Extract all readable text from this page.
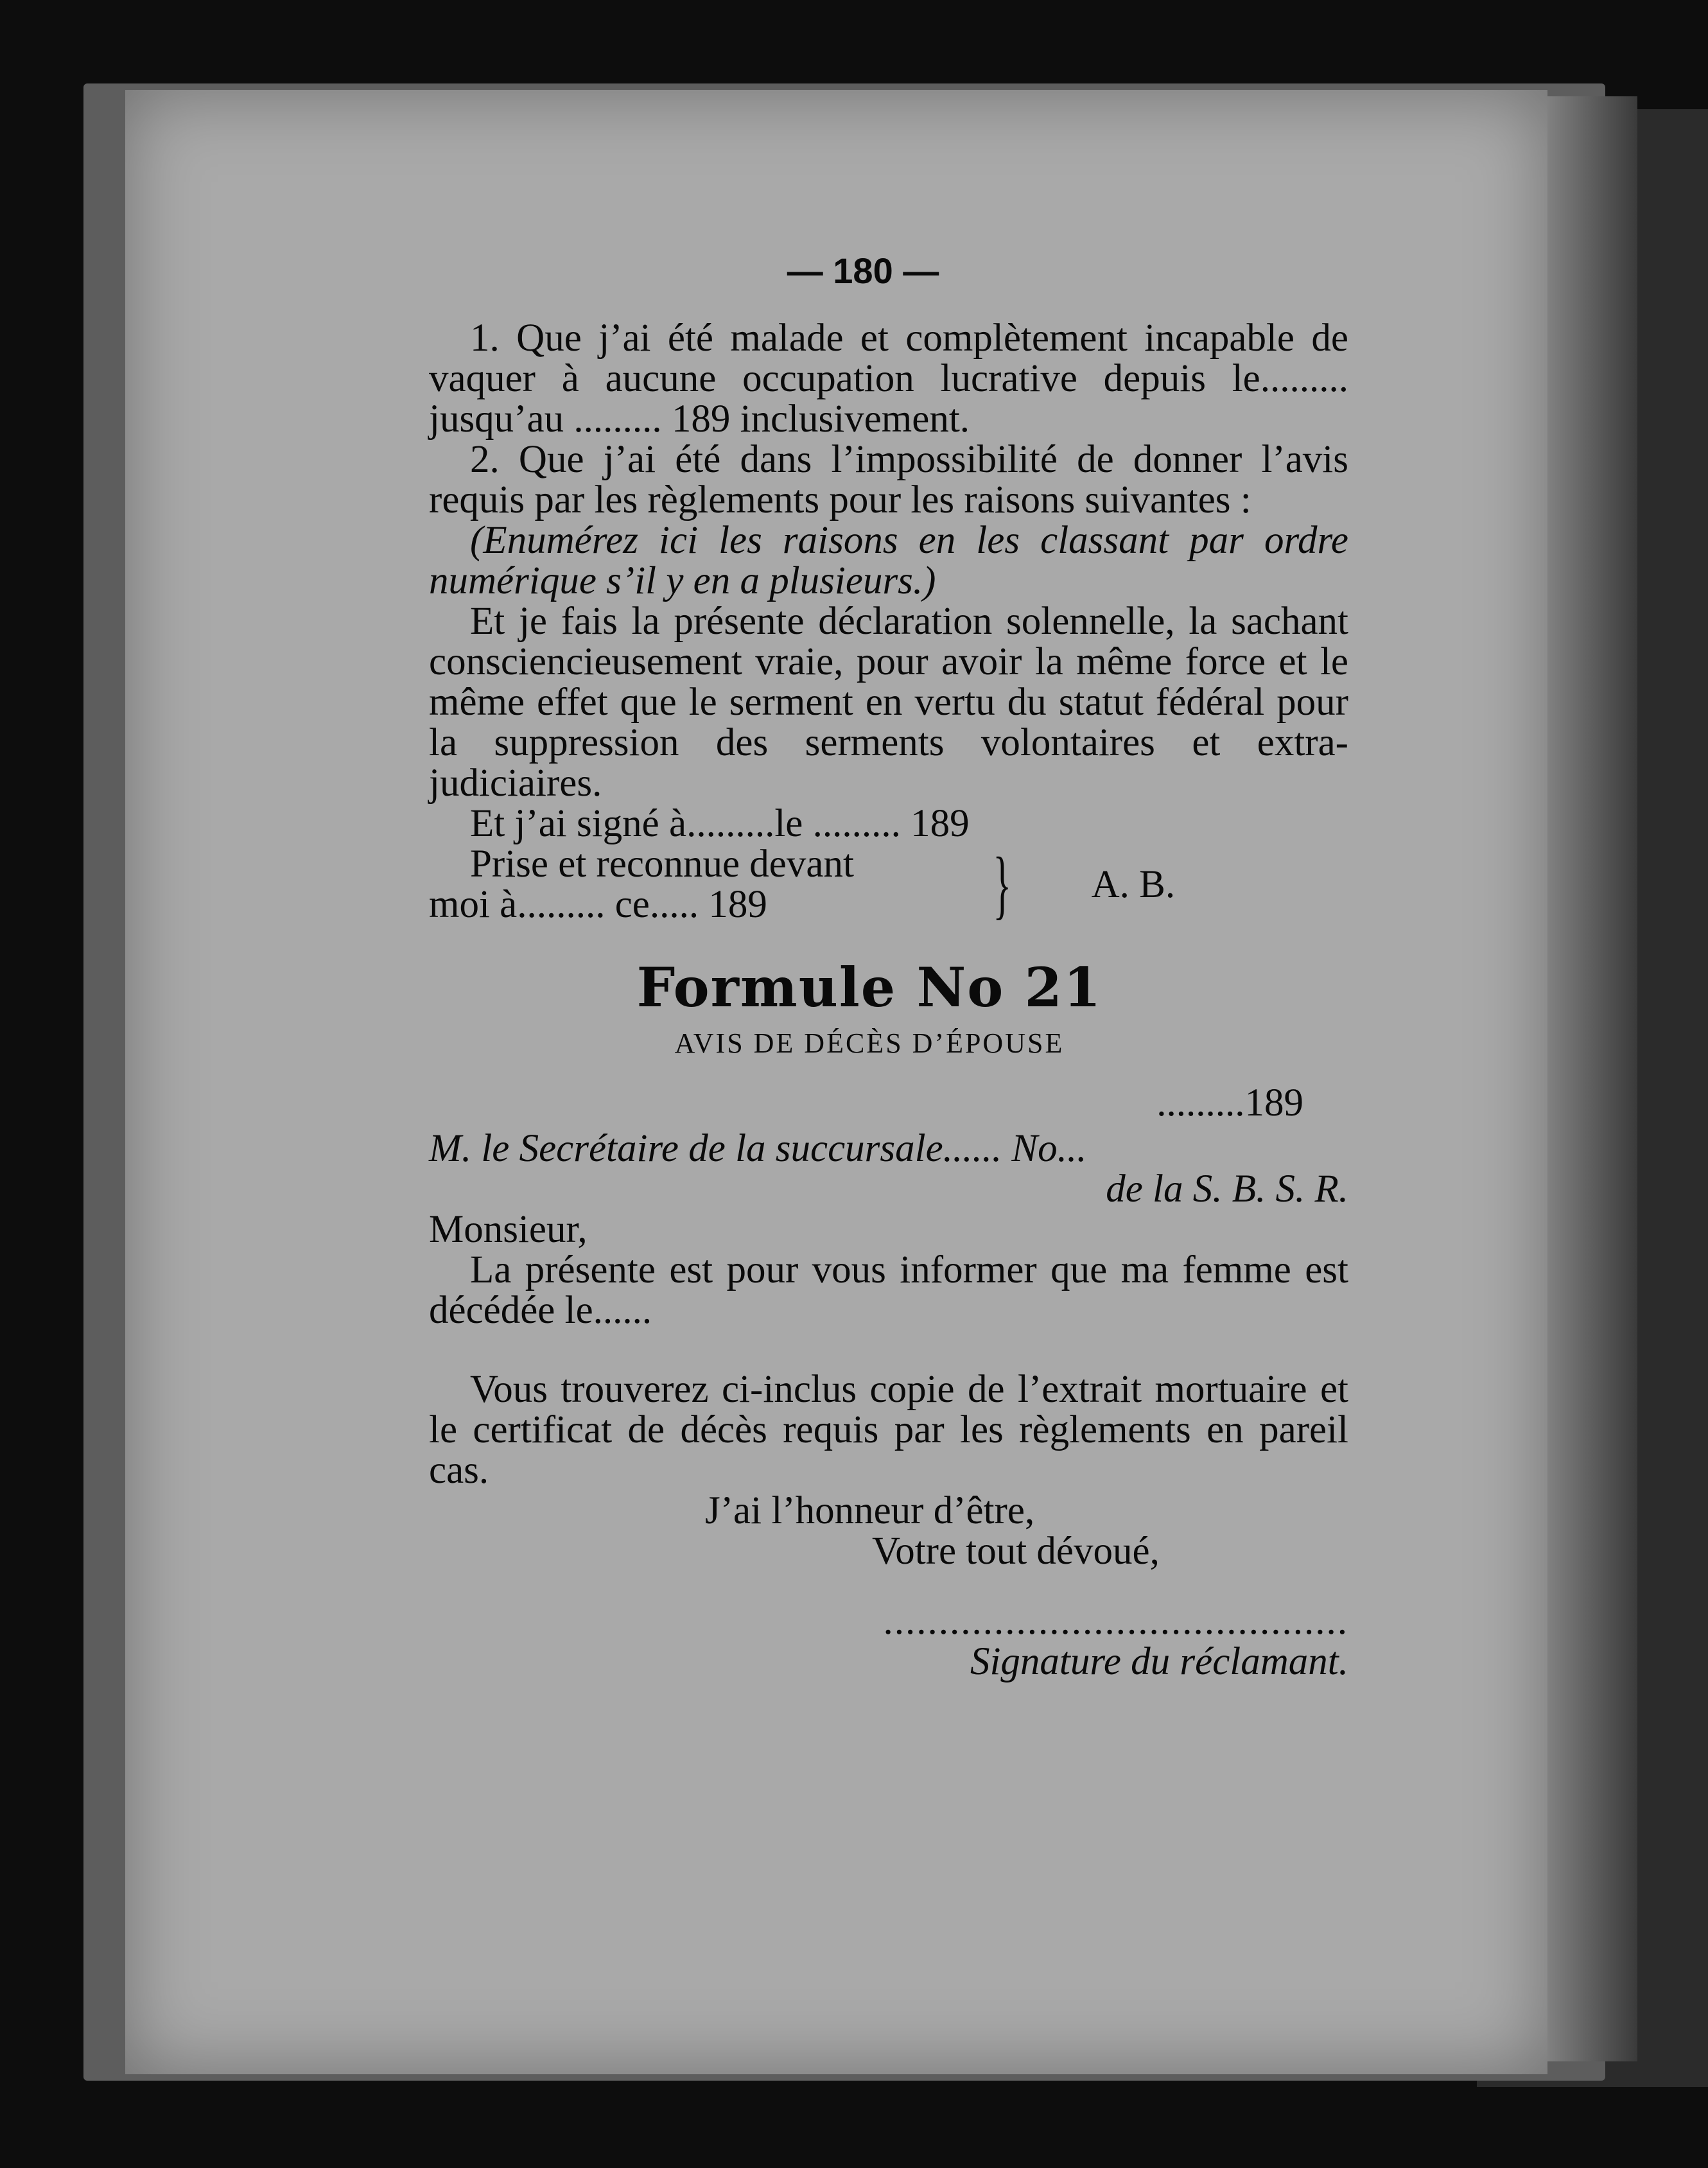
— 180 —

1. Que j’ai été malade et complètement incapable de vaquer à aucune occupation lucrative depuis le......... jusqu’au ......... 189 inclusivement.

2. Que j’ai été dans l’impossibilité de donner l’avis requis par les règlements pour les raisons suivantes :

(Enumérez ici les raisons en les classant par ordre numérique s’il y en a plusieurs.)

Et je fais la présente déclaration solennelle, la sachant consciencieusement vraie, pour avoir la même force et le même effet que le serment en vertu du statut fédéral pour la suppression des serments volontaires et extra-judiciaires.

Et j’ai signé à.........le ......... 189

Prise et reconnue devant
moi à......... ce..... 189	} A. B.
Formule No 21
AVIS DE DÉCÈS D’ÉPOUSE
.........189
M. le Secrétaire de la succursale...... No...
de la S. B. S. R.
Monsieur,

La présente est pour vous informer que ma femme est décédée le......

Vous trouverez ci-inclus copie de l’extrait mortuaire et le certificat de décès requis par les règlements en pareil cas.

J’ai l’honneur d’être,
Votre tout dévoué,
..........................................
Signature du réclamant.
